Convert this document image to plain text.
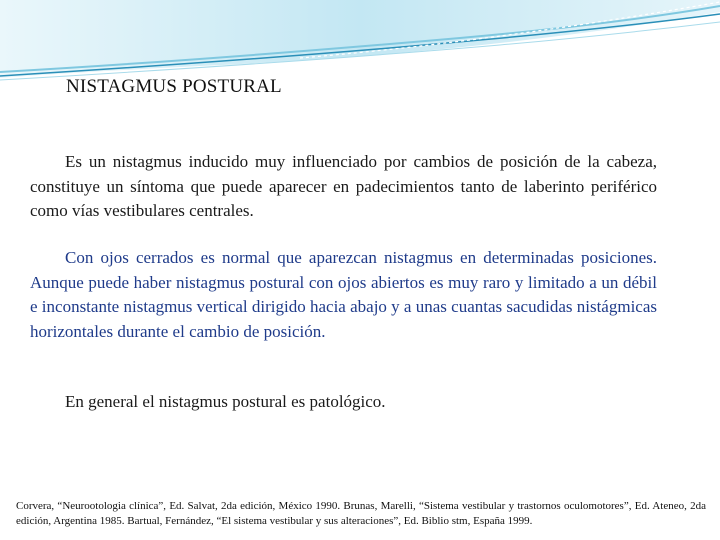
NISTAGMUS POSTURAL

Es un nistagmus inducido muy influenciado por cambios de posición de la cabeza, constituye un síntoma que puede aparecer en padecimientos tanto de laberinto periférico como vías vestibulares centrales.

Con ojos cerrados es normal que aparezcan nistagmus en determinadas posiciones. Aunque puede haber nistagmus postural con ojos abiertos es muy raro y limitado a un débil e inconstante nistagmus vertical dirigido hacia abajo y a unas cuantas sacudidas nistágmicas horizontales durante el cambio de posición.

En general el nistagmus postural es patológico.

Corvera, “Neurootologia clínica”, Ed. Salvat, 2da edición, México 1990. Brunas, Marelli, “Sistema vestibular y trastornos oculomotores”, Ed. Ateneo, 2da edición, Argentina 1985. Bartual, Fernández, “El sistema vestibular y sus alteraciones”, Ed. Biblio stm, España 1999.
